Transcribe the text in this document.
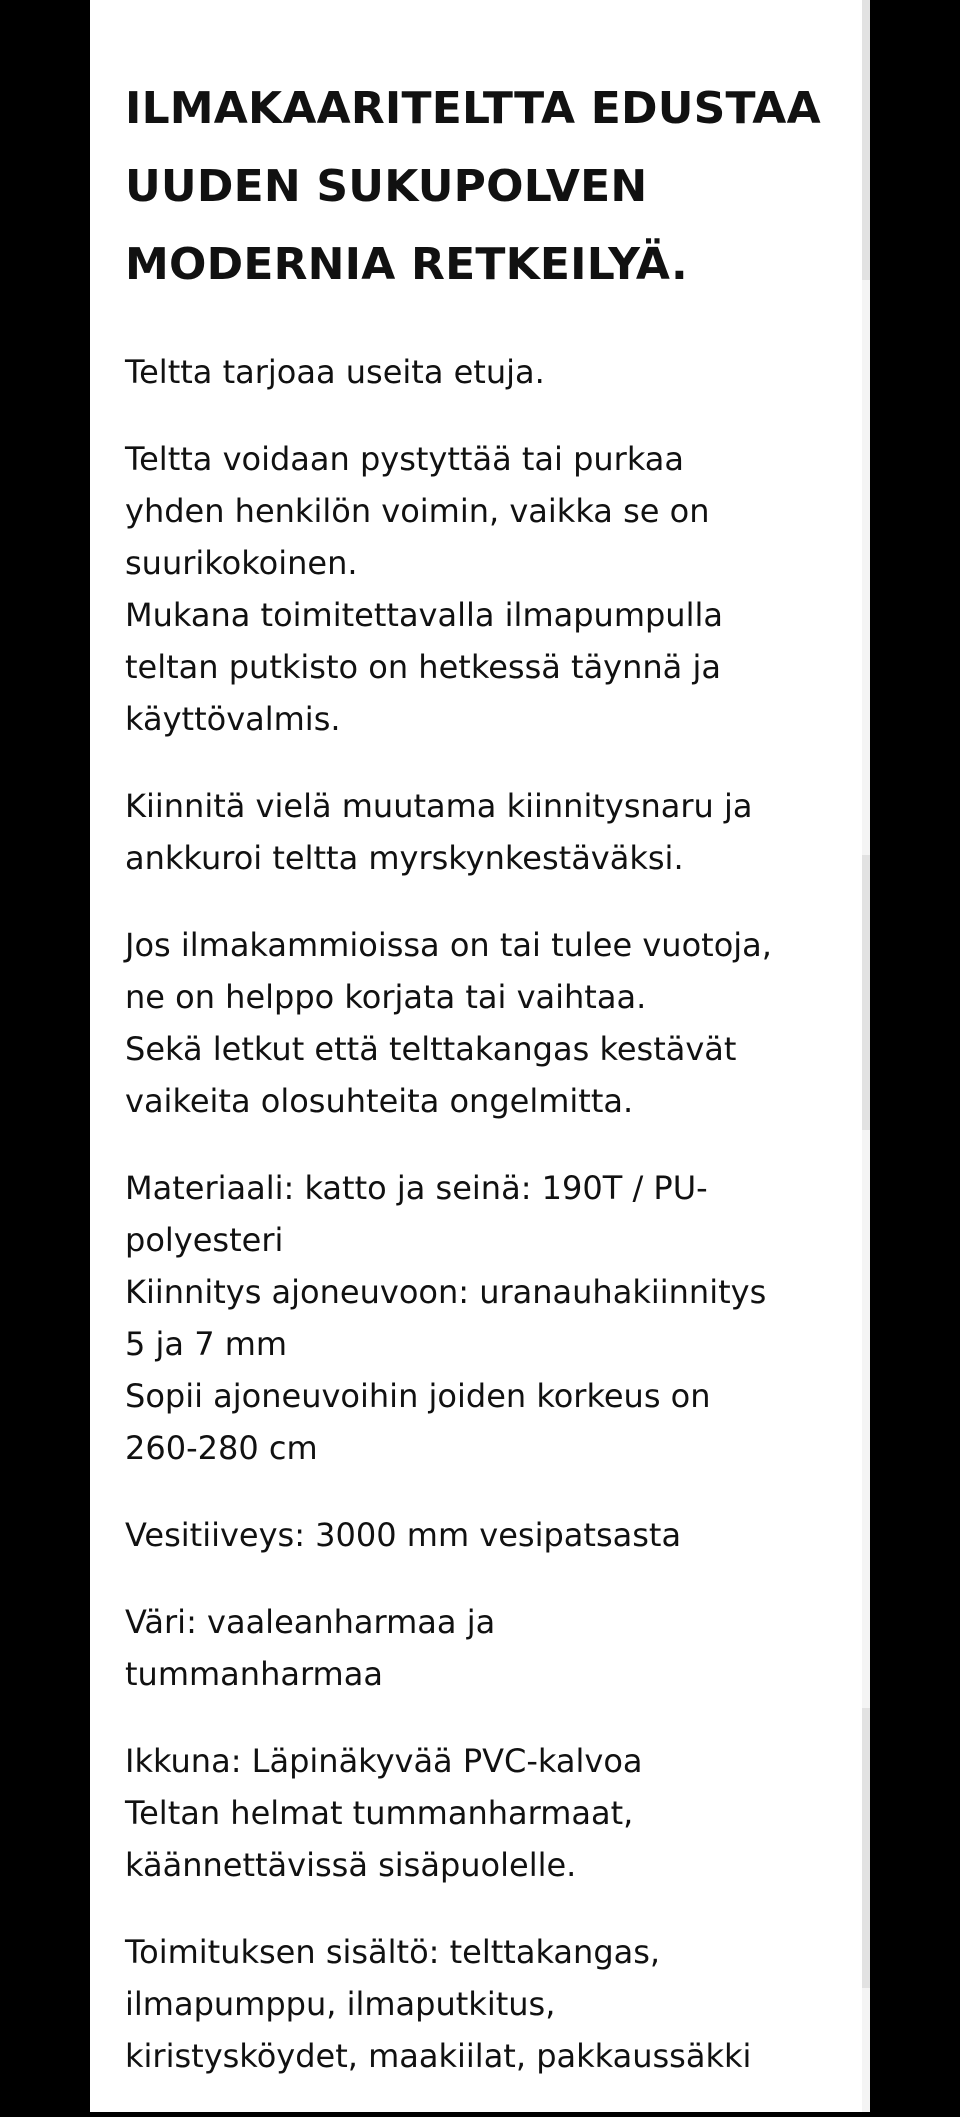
ILMAKAARITELTTA EDUSTAA
UUDEN SUKUPOLVEN
MODERNIA RETKEILYÄ.

Teltta tarjoaa useita etuja.

Teltta voidaan pystyttää tai purkaa
yhden henkilön voimin, vaikka se on
suurikokoinen.
Mukana toimitettavalla ilmapumpulla
teltan putkisto on hetkessä täynnä ja
käyttövalmis.

Kiinnitä vielä muutama kiinnitysnaru ja
ankkuroi teltta myrskynkestäväksi.

Jos ilmakammioissa on tai tulee vuotoja,
ne on helppo korjata tai vaihtaa.
Sekä letkut että telttakangas kestävät
vaikeita olosuhteita ongelmitta.

Materiaali: katto ja seinä: 190T / PU-
polyesteri
Kiinnitys ajoneuvoon: uranauhakiinnitys
5 ja 7 mm
Sopii ajoneuvoihin joiden korkeus on
260-280 cm

Vesitiiveys: 3000 mm vesipatsasta

Väri: vaaleanharmaa ja
tummanharmaa

Ikkuna: Läpinäkyvää PVC-kalvoa
Teltan helmat tummanharmaat,
käännettävissä sisäpuolelle.

Toimituksen sisältö: telttakangas,
ilmapumppu, ilmaputkitus,
kiristysköydet, maakiilat, pakkaussäkki
